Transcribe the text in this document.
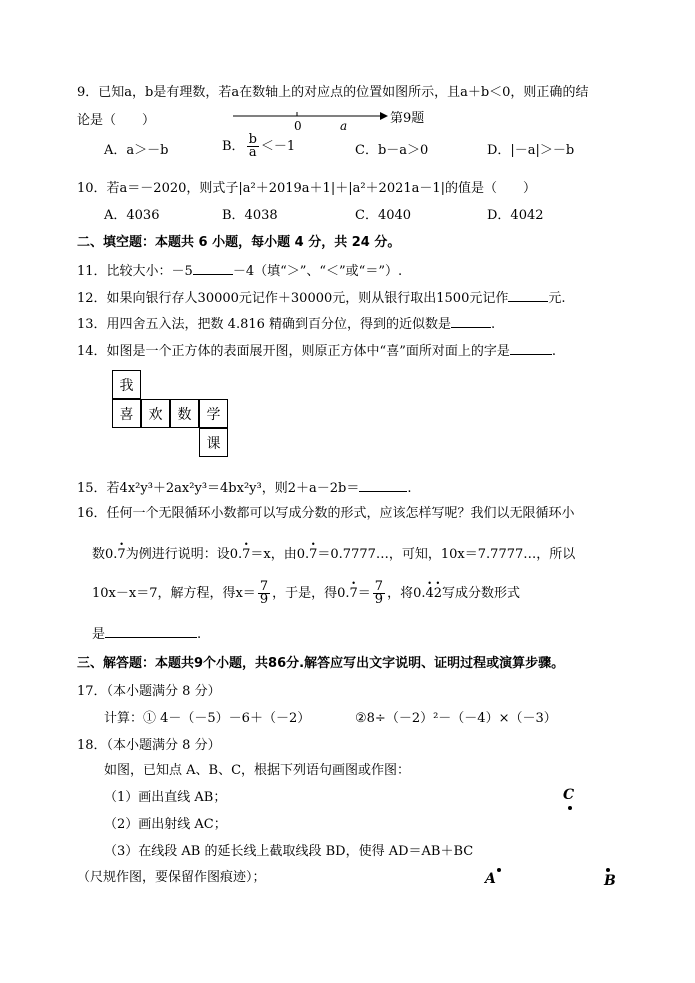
9．已知a，b是有理数，若a在数轴上的对应点的位置如图所示，且a＋b＜0，则正确的结
论是（　　）	0	a	第9题
A．a＞－b	B． $\frac{b}{a} <-1$	C．b－a＞0	D．|－a|＞－b
10．若a＝－2020，则式子|a²＋2019a＋1|＋|a²＋2021a－1|的值是（　　）
A．4036	B．4038	C．4040	D．4042
二、填空题：本题共 6 小题，每小题 4 分，共 24 分。
11．比较大小：－5	－4（填“＞”、“＜”或“＝”）.
12．如果向银行存人30000元记作＋30000元，则从银行取出1500元记作	元.
13．用四舍五入法，把数 4.816 精确到百分位，得到的近似数是	.
14．如图是一个正方体的表面展开图，则原正方体中“喜”面所对面上的字是	.
我
喜	欢	数	学
课
15．若4x²y³＋2ax²y³＝4bx²y³，则2＋a－2b＝	.
16．任何一个无限循环小数都可以写成分数的形式，应该怎样写呢？我们以无限循环小
数0.• 7为例进行说明：设0.• 7＝x，由0.• 7＝0.7777…，可知，10x＝7.7777…，所以
10x－x＝7，解方程，得$x= \frac{7}{9}$ ，于是，得0.• $7= \frac{7}{9}$ ，将0.• 4• 2写成分数形式
是	.
三、解答题：本题共9个小题，共86分.解答应写出文字说明、证明过程或演算步骤。
17．（本小题满分 8 分）
计算：① 4－（－5）－6＋（－2）	②8÷（－2）²－（－4）×（－3）
18．（本小题满分 8 分）
如图，已知点 A、B、C，根据下列语句画图或作图：
（1）画出直线 AB；
（2）画出射线 AC；
（3）在线段 AB 的延长线上截取线段 BD，使得 AD＝AB＋BC
（尺规作图，要保留作图痕迹）；
C
A	B
